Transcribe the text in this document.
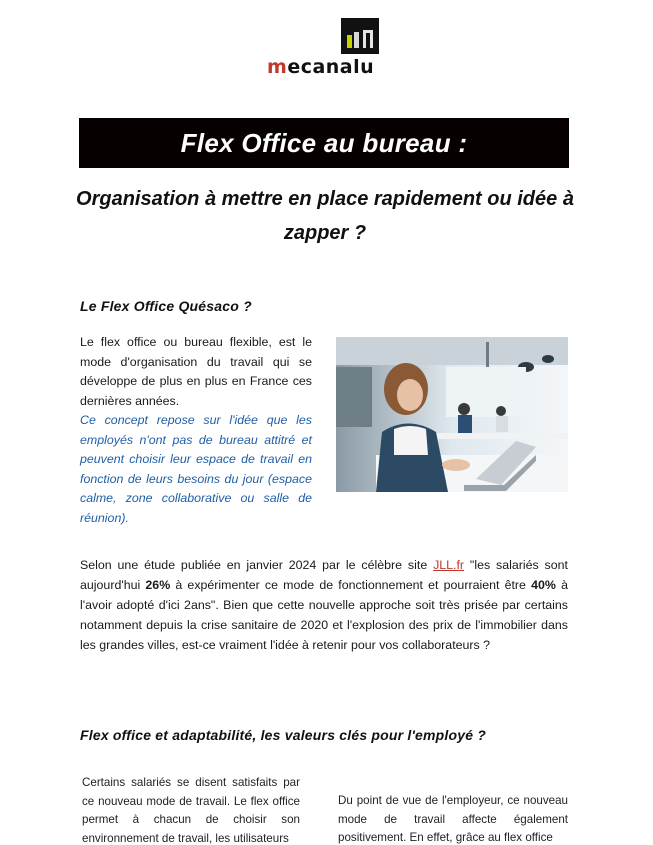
mecanalu
Flex Office au bureau :
Organisation à mettre en place rapidement ou idée à zapper ?
Le Flex Office Quésaco ?
Le flex office ou bureau flexible, est le mode d'organisation du travail qui se développe de plus en plus en France ces dernières années.
Ce concept repose sur l'idée que les employés n'ont pas de bureau attitré et peuvent choisir leur espace de travail en fonction de leurs besoins du jour (espace calme, zone collaborative ou salle de réunion).
Selon une étude publiée en janvier 2024 par le célèbre site JLL.fr "les salariés sont aujourd'hui 26% à expérimenter ce mode de fonctionnement et pourraient être 40% à l'avoir adopté d'ici 2ans". Bien que cette nouvelle approche soit très prisée par certains notamment depuis la crise sanitaire de 2020 et l'explosion des prix de l'immobilier dans les grandes villes, est-ce vraiment l'idée à retenir pour vos collaborateurs ?
Flex office et adaptabilité, les valeurs clés pour l'employé ?
Certains salariés se disent satisfaits par ce nouveau mode de travail. Le flex office permet à chacun de choisir son environnement de travail, les utilisateurs
Du point de vue de l'employeur, ce nouveau mode de travail affecte également positivement. En effet, grâce au flex office
